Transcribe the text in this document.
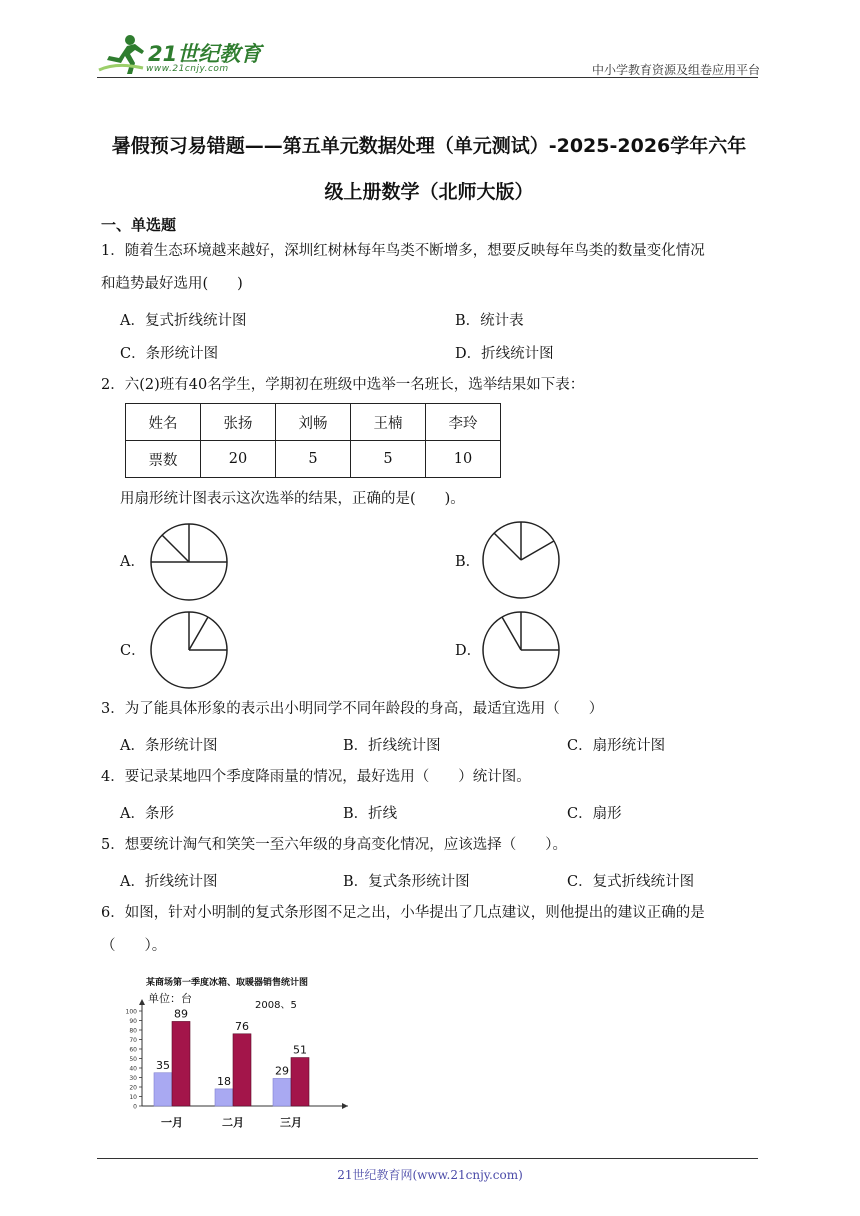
21世纪教育
www.21cnjy.com	中小学教育资源及组卷应用平台
暑假预习易错题——第五单元数据处理（单元测试）-2025-2026学年六年
级上册数学（北师大版）
一、单选题
1．随着生态环境越来越好，深圳红树林每年鸟类不断增多，想要反映每年鸟类的数量变化情况
和趋势最好选用(　　)
A．复式折线统计图	B．统计表
C．条形统计图	D．折线统计图
2．六(2)班有40名学生，学期初在班级中选举一名班长，选举结果如下表：
姓名	张扬	刘畅	王楠	李玲
票数	20	5	5	10
用扇形统计图表示这次选举的结果，正确的是(　　)。
A．	B．
C．	D．
3．为了能具体形象的表示出小明同学不同年龄段的身高，最适宜选用（　　）
A．条形统计图	B．折线统计图	C．扇形统计图
4．要记录某地四个季度降雨量的情况，最好选用（　　）统计图。
A．条形	B．折线	C．扇形
5．想要统计淘气和笑笑一至六年级的身高变化情况，应该选择（　　）。
A．折线统计图	B．复式条形统计图	C．复式折线统计图
6．如图，针对小明制的复式条形图不足之出，小华提出了几点建议，则他提出的建议正确的是
（　　）。
某商场第一季度冰箱、取暖器销售统计图
单位：台
2008、5
0
10
20
30
40
50
60
70
80
90
100
35
89
一月
18
76
二月
29
51
三月
21世纪教育网(www.21cnjy.com)
